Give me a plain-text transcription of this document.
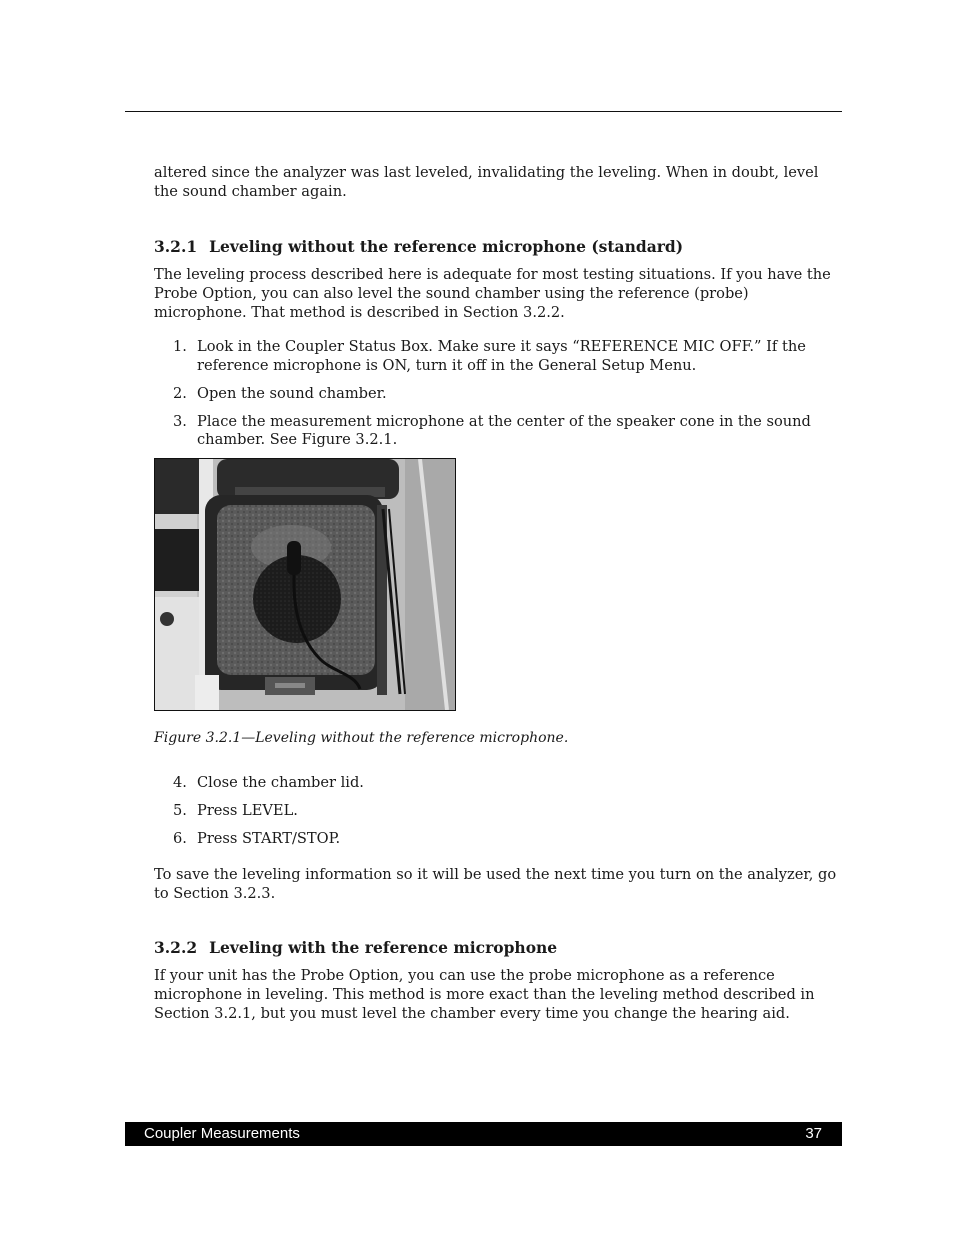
altered since the analyzer was last leveled, invalidating the leveling. When in doubt, level the sound chamber again.

3.2.1 Leveling without the reference microphone (standard)

The leveling process described here is adequate for most testing situations. If you have the Probe Option, you can also level the sound chamber using the reference (probe) microphone. That method is described in Section 3.2.2.

1. Look in the Coupler Status Box. Make sure it says “REFERENCE MIC OFF.” If the reference microphone is ON, turn it off in the General Setup Menu.
2. Open the sound chamber.
3. Place the measurement microphone at the center of the speaker cone in the sound chamber. See Figure 3.2.1.

Figure 3.2.1—Leveling without the reference microphone.

4. Close the chamber lid.
5. Press LEVEL.
6. Press START/STOP.

To save the leveling information so it will be used the next time you turn on the analyzer, go to Section 3.2.3.

3.2.2 Leveling with the reference microphone

If your unit has the Probe Option, you can use the probe microphone as a reference microphone in leveling. This method is more exact than the leveling method described in Section 3.2.1, but you must level the chamber every time you change the hearing aid.

Coupler Measurements	37
